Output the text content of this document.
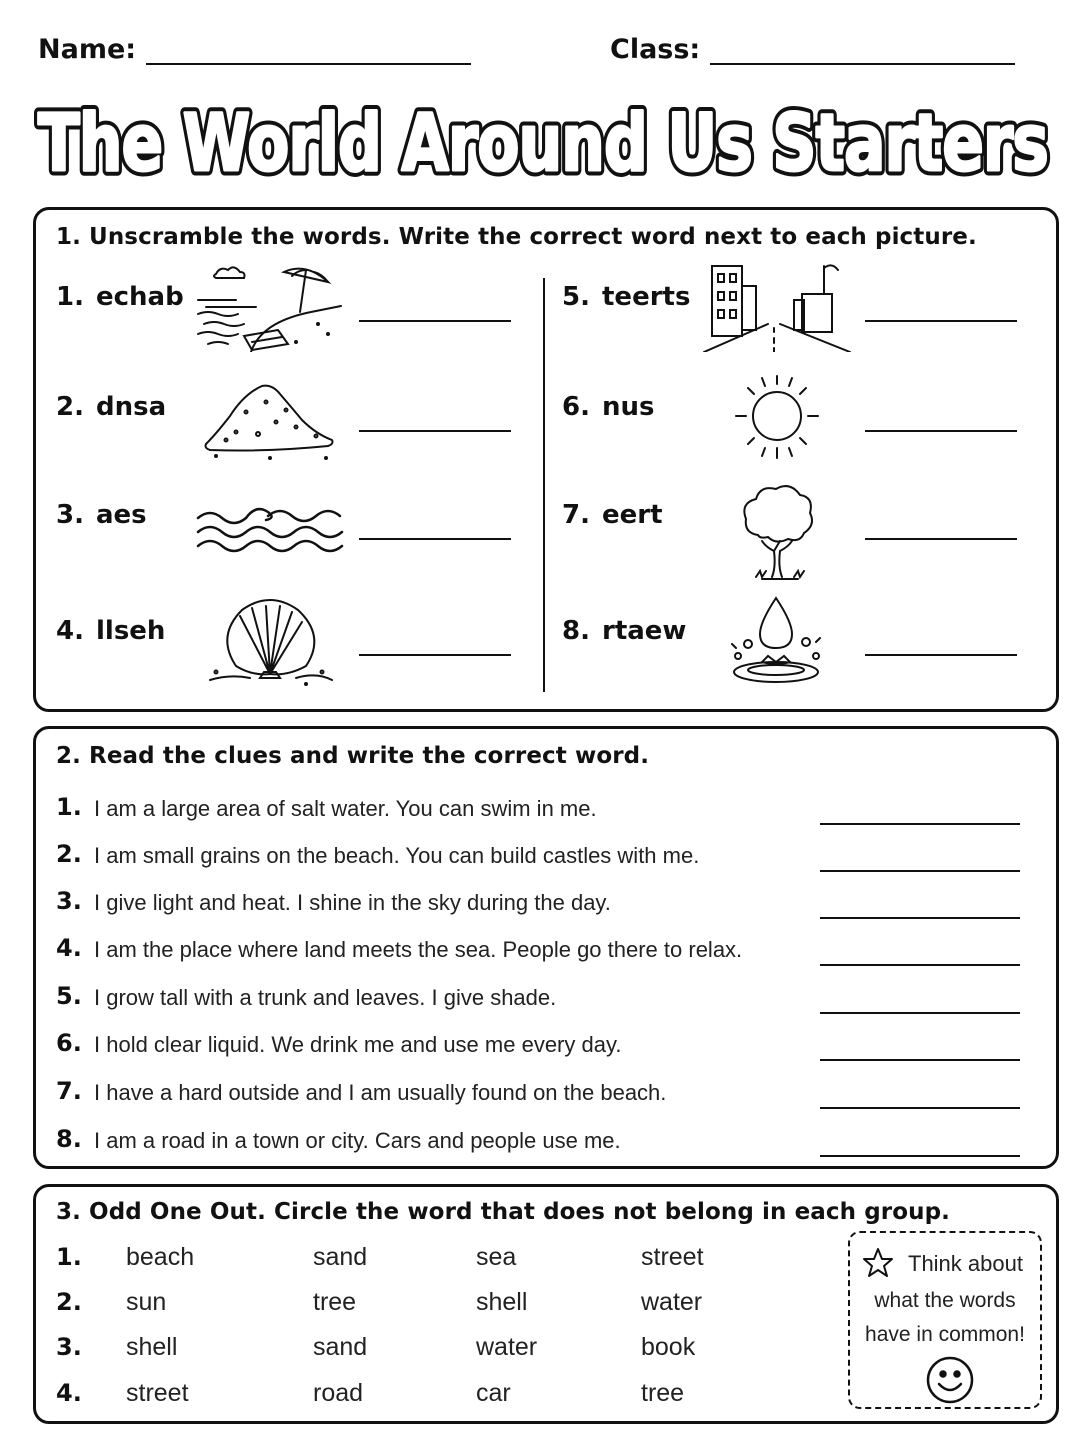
Name:	Class:
The World Around Us Starters
The World Around Us Starters
1. Unscramble the words. Write the correct word next to each picture.
1. echab
2. dnsa
3. aes
4. llseh
5. teerts
6. nus
7. eert
8. rtaew
2. Read the clues and write the correct word.
1. I am a large area of salt water. You can swim in me.
2. I am small grains on the beach. You can build castles with me.
3. I give light and heat. I shine in the sky during the day.
4. I am the place where land meets the sea. People go there to relax.
5. I grow tall with a trunk and leaves. I give shade.
6. I hold clear liquid. We drink me and use me every day.
7. I have a hard outside and I am usually found on the beach.
8. I am a road in a town or city. Cars and people use me.
3. Odd One Out. Circle the word that does not belong in each group.
1. beach	sand	sea	street
2. sun	tree	shell	water
3. shell	sand	water	book
4. street	road	car	tree
Think about
what the words
have in common!
